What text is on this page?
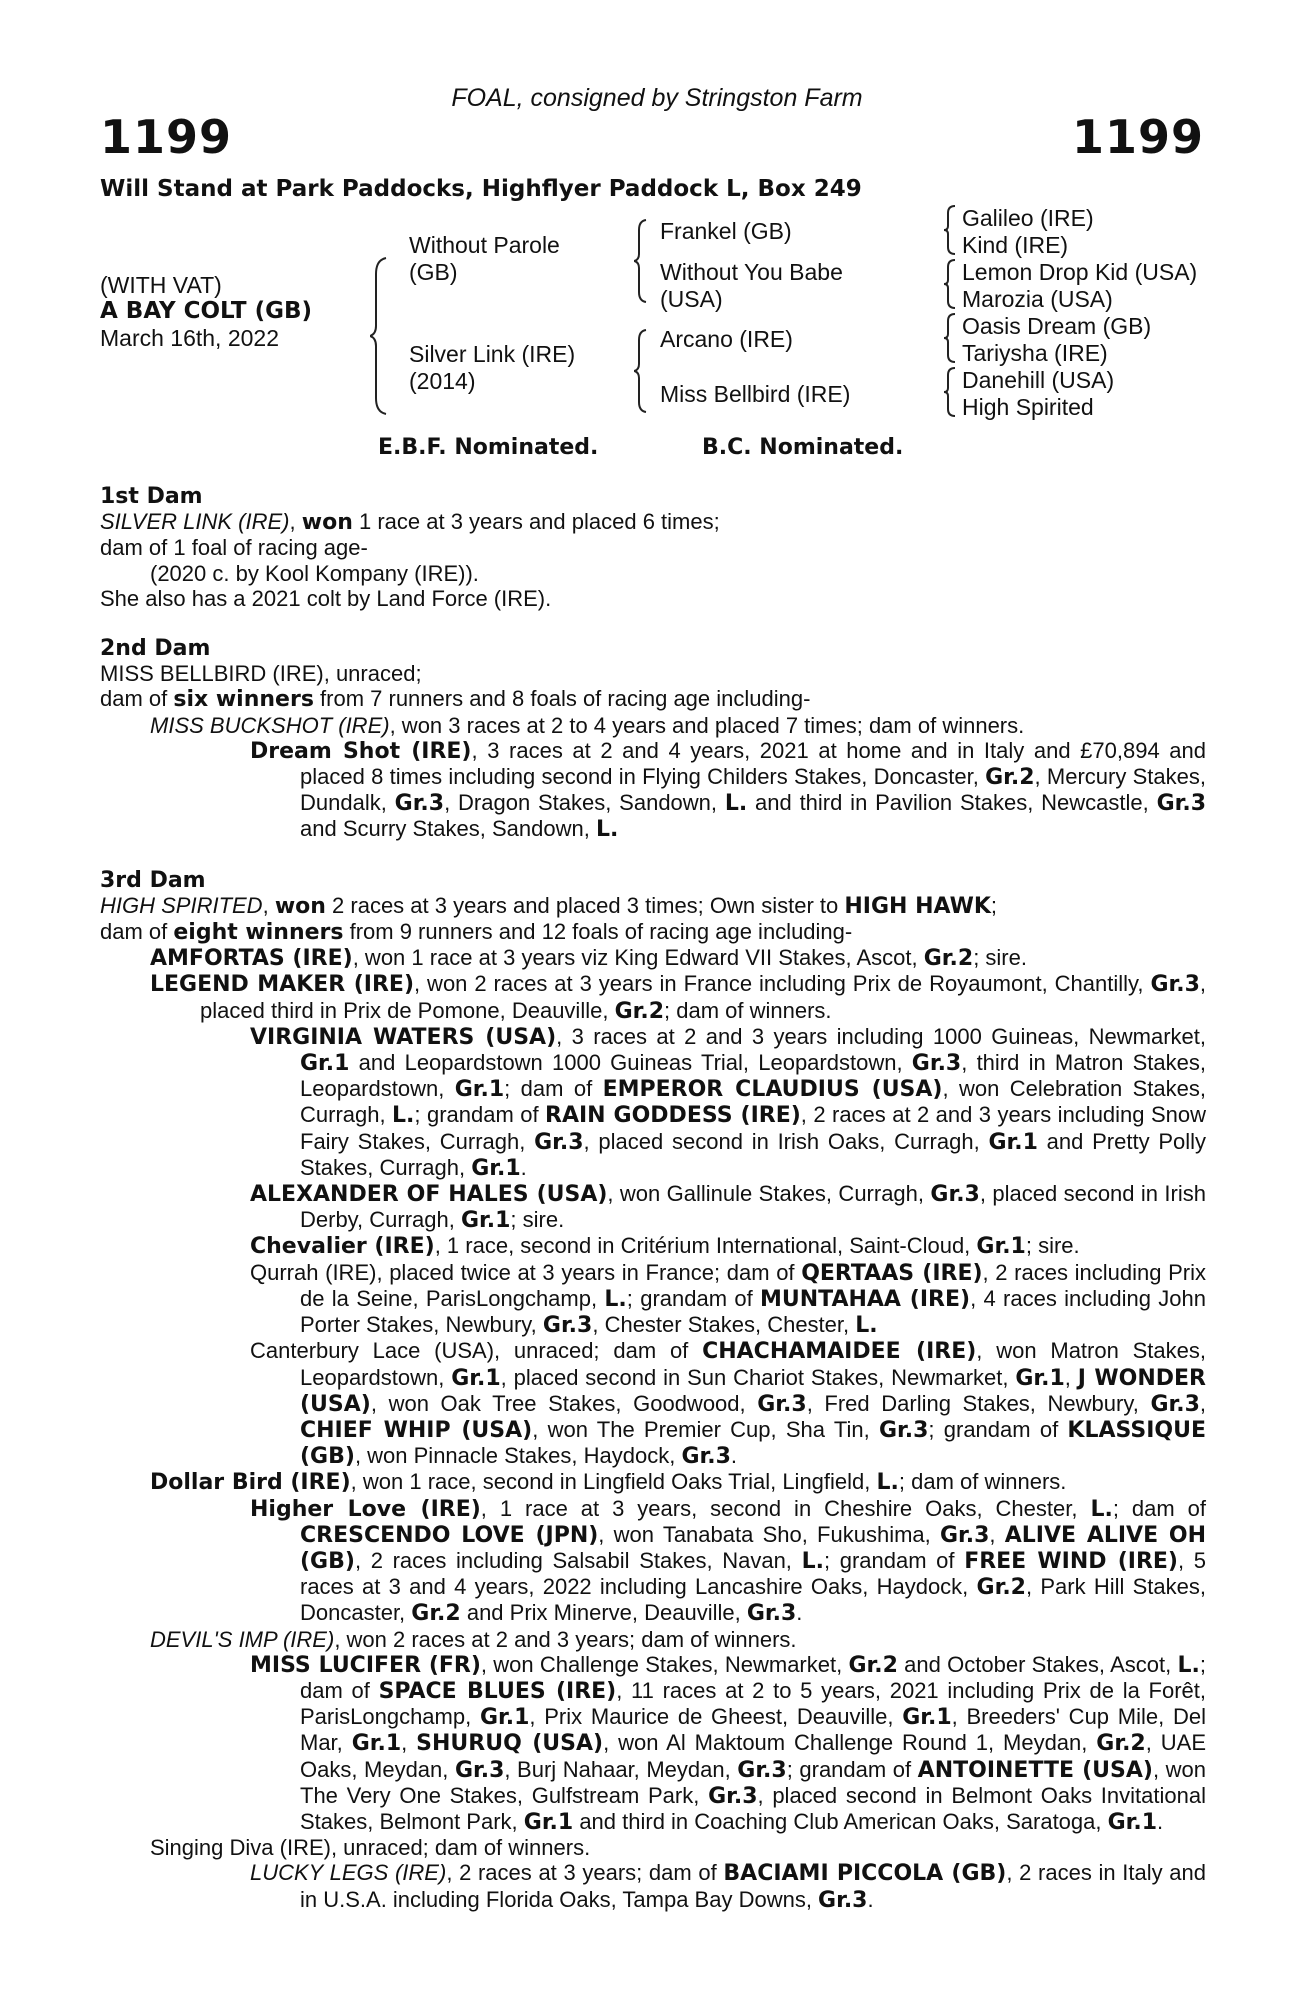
FOAL, consigned by Stringston Farm
1199	1199
Will Stand at Park Paddocks, Highflyer Paddock L, Box 249
(WITH VAT)
A BAY COLT (GB)
March 16th, 2022
Without Parole
(GB)
Silver Link (IRE)
(2014)
Frankel (GB)
Without You Babe
(USA)
Arcano (IRE)
Miss Bellbird (IRE)
Galileo (IRE)
Kind (IRE)
Lemon Drop Kid (USA)
Marozia (USA)
Oasis Dream (GB)
Tariysha (IRE)
Danehill (USA)
High Spirited
E.B.F. Nominated.	B.C. Nominated.

1st Dam

SILVER LINK (IRE), won 1 race at 3 years and placed 6 times;

dam of 1 foal of racing age-

(2020 c. by Kool Kompany (IRE)).

She also has a 2021 colt by Land Force (IRE).

2nd Dam

MISS BELLBIRD (IRE), unraced;

dam of six winners from 7 runners and 8 foals of racing age including-

MISS BUCKSHOT (IRE), won 3 races at 2 to 4 years and placed 7 times; dam of winners.

Dream Shot (IRE), 3 races at 2 and 4 years, 2021 at home and in Italy and £70,894 and placed 8 times including second in Flying Childers Stakes, Doncaster, Gr.2, Mercury Stakes, Dundalk, Gr.3, Dragon Stakes, Sandown, L. and third in Pavilion Stakes, Newcastle, Gr.3 and Scurry Stakes, Sandown, L.

3rd Dam

HIGH SPIRITED, won 2 races at 3 years and placed 3 times; Own sister to HIGH HAWK;

dam of eight winners from 9 runners and 12 foals of racing age including-

AMFORTAS (IRE), won 1 race at 3 years viz King Edward VII Stakes, Ascot, Gr.2; sire.

LEGEND MAKER (IRE), won 2 races at 3 years in France including Prix de Royaumont, Chantilly, Gr.3, placed third in Prix de Pomone, Deauville, Gr.2; dam of winners.

VIRGINIA WATERS (USA), 3 races at 2 and 3 years including 1000 Guineas, Newmarket, Gr.1 and Leopardstown 1000 Guineas Trial, Leopardstown, Gr.3, third in Matron Stakes, Leopardstown, Gr.1; dam of EMPEROR CLAUDIUS (USA), won Celebration Stakes, Curragh, L.; grandam of RAIN GODDESS (IRE), 2 races at 2 and 3 years including Snow Fairy Stakes, Curragh, Gr.3, placed second in Irish Oaks, Curragh, Gr.1 and Pretty Polly Stakes, Curragh, Gr.1.

ALEXANDER OF HALES (USA), won Gallinule Stakes, Curragh, Gr.3, placed second in Irish Derby, Curragh, Gr.1; sire.

Chevalier (IRE), 1 race, second in Critérium International, Saint-Cloud, Gr.1; sire.

Qurrah (IRE), placed twice at 3 years in France; dam of QERTAAS (IRE), 2 races including Prix de la Seine, ParisLongchamp, L.; grandam of MUNTAHAA (IRE), 4 races including John Porter Stakes, Newbury, Gr.3, Chester Stakes, Chester, L.

Canterbury Lace (USA), unraced; dam of CHACHAMAIDEE (IRE), won Matron Stakes, Leopardstown, Gr.1, placed second in Sun Chariot Stakes, Newmarket, Gr.1, J WONDER (USA), won Oak Tree Stakes, Goodwood, Gr.3, Fred Darling Stakes, Newbury, Gr.3, CHIEF WHIP (USA), won The Premier Cup, Sha Tin, Gr.3; grandam of KLASSIQUE (GB), won Pinnacle Stakes, Haydock, Gr.3.

Dollar Bird (IRE), won 1 race, second in Lingfield Oaks Trial, Lingfield, L.; dam of winners.

Higher Love (IRE), 1 race at 3 years, second in Cheshire Oaks, Chester, L.; dam of CRESCENDO LOVE (JPN), won Tanabata Sho, Fukushima, Gr.3, ALIVE ALIVE OH (GB), 2 races including Salsabil Stakes, Navan, L.; grandam of FREE WIND (IRE), 5 races at 3 and 4 years, 2022 including Lancashire Oaks, Haydock, Gr.2, Park Hill Stakes, Doncaster, Gr.2 and Prix Minerve, Deauville, Gr.3.

DEVIL'S IMP (IRE), won 2 races at 2 and 3 years; dam of winners.

MISS LUCIFER (FR), won Challenge Stakes, Newmarket, Gr.2 and October Stakes, Ascot, L.; dam of SPACE BLUES (IRE), 11 races at 2 to 5 years, 2021 including Prix de la Forêt, ParisLongchamp, Gr.1, Prix Maurice de Gheest, Deauville, Gr.1, Breeders' Cup Mile, Del Mar, Gr.1, SHURUQ (USA), won Al Maktoum Challenge Round 1, Meydan, Gr.2, UAE Oaks, Meydan, Gr.3, Burj Nahaar, Meydan, Gr.3; grandam of ANTOINETTE (USA), won The Very One Stakes, Gulfstream Park, Gr.3, placed second in Belmont Oaks Invitational Stakes, Belmont Park, Gr.1 and third in Coaching Club American Oaks, Saratoga, Gr.1.

Singing Diva (IRE), unraced; dam of winners.

LUCKY LEGS (IRE), 2 races at 3 years; dam of BACIAMI PICCOLA (GB), 2 races in Italy and in U.S.A. including Florida Oaks, Tampa Bay Downs, Gr.3.
